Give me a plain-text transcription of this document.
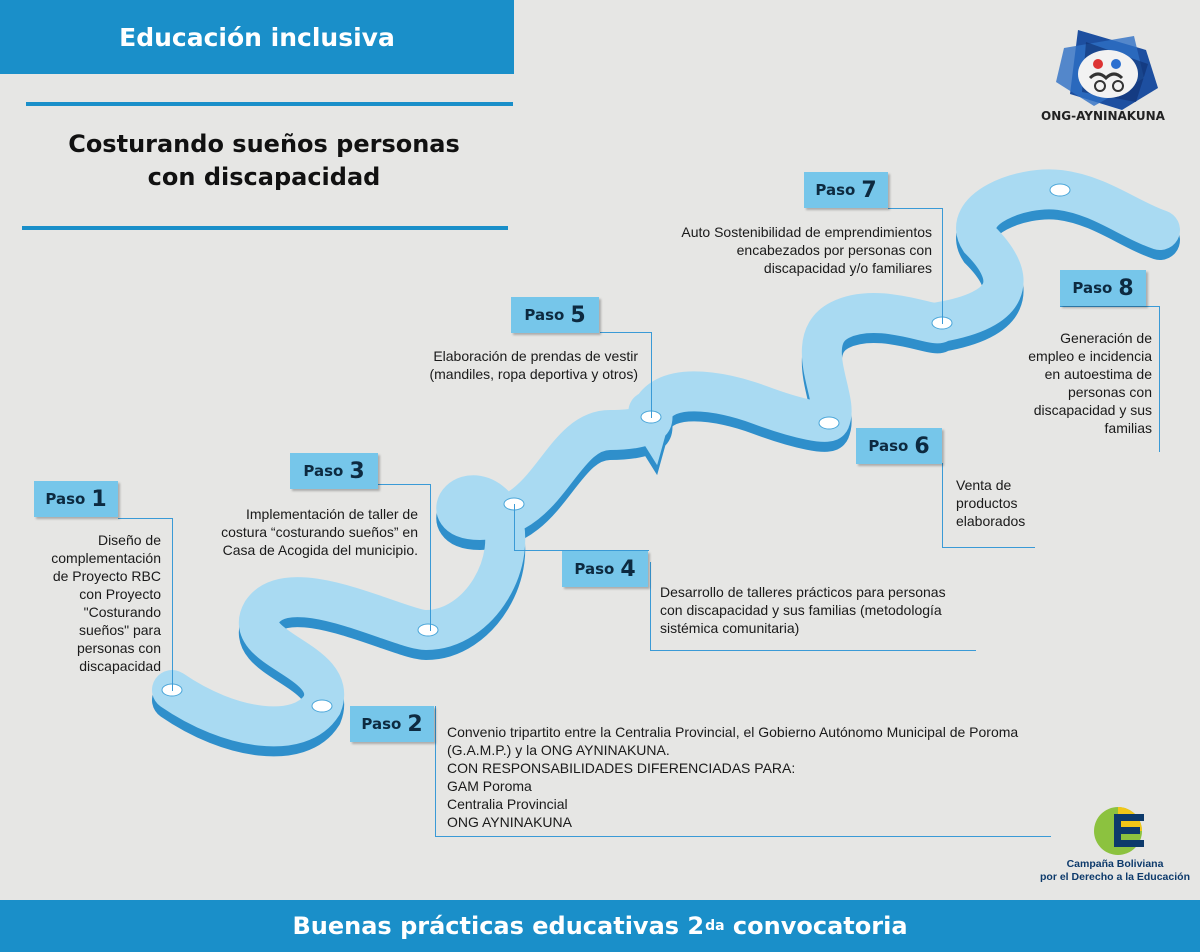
Educación inclusiva
Costurando sueños personas
con discapacidad
ONG-AYNINAKUNA
Paso 1
Paso 2
Paso 3
Paso 4
Paso 5
Paso 6
Paso 7
Paso 8
Diseño de
complementación
de Proyecto RBC
con Proyecto
"Costurando
sueños" para
personas con
discapacidad
Convenio tripartito entre la Centralia Provincial, el Gobierno Autónomo Municipal de Poroma
(G.A.M.P.) y la ONG AYNINAKUNA.
CON RESPONSABILIDADES DIFERENCIADAS PARA:
GAM Poroma
Centralia Provincial
ONG AYNINAKUNA
Implementación de taller de
costura “costurando sueños” en
Casa de Acogida del municipio.
Desarrollo de talleres prácticos para personas
con discapacidad y sus familias (metodología
sistémica comunitaria)
Elaboración de prendas de vestir
(mandiles, ropa deportiva y otros)
Venta de
productos
elaborados
Auto Sostenibilidad de emprendimientos
encabezados por personas con
discapacidad y/o familiares
Generación de
empleo e incidencia
en autoestima de
personas con
discapacidad y sus
familias
Campaña Boliviana
por el Derecho a la Educación
Buenas prácticas educativas 2 da convocatoria
